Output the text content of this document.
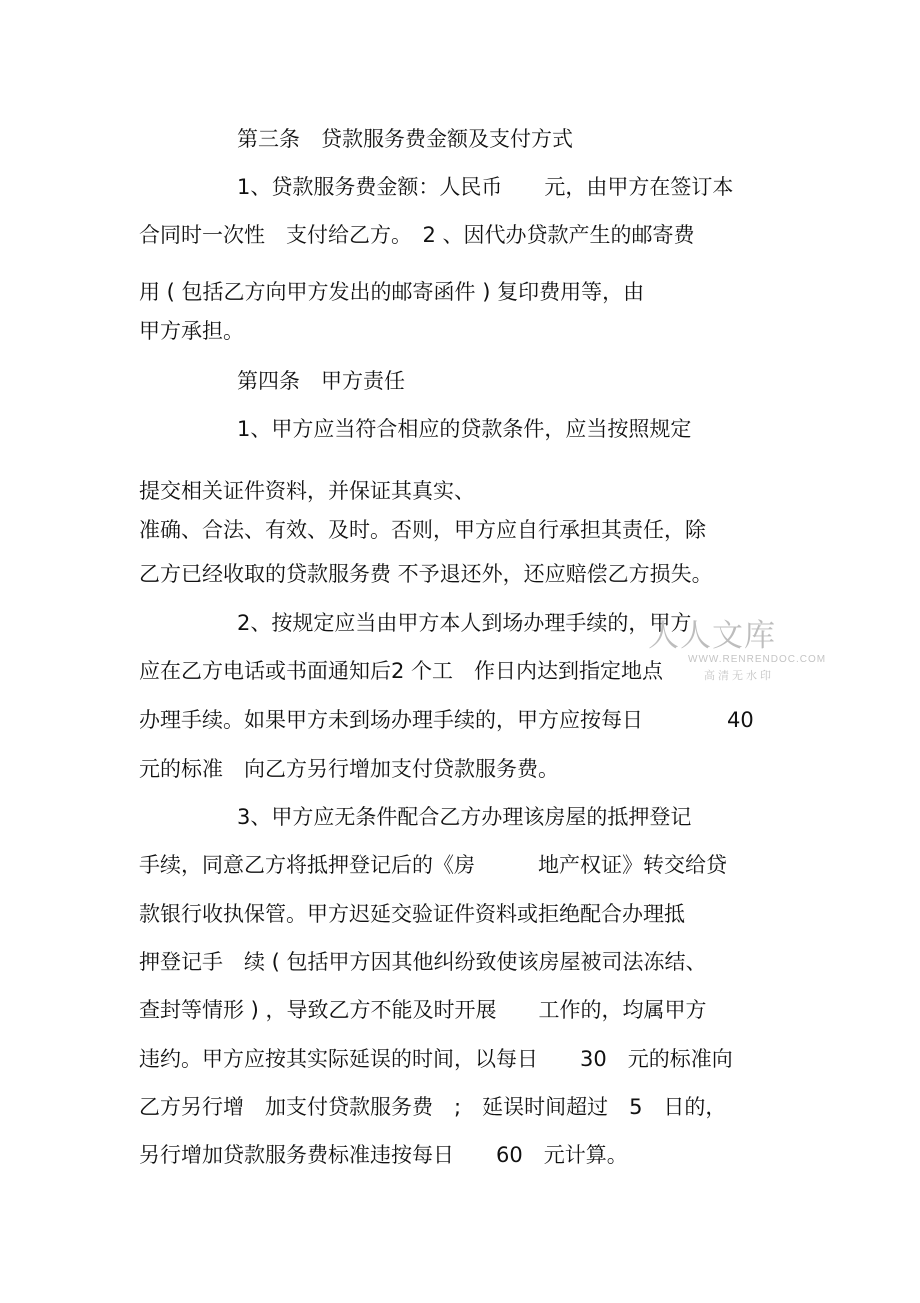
第三条　贷款服务费金额及支付方式
1、贷款服务费金额：人民币　　元，由甲方在签订本
合同时一次性　支付给乙方。　2 、因代办贷款产生的邮寄费
用 ( 包括乙方向甲方发出的邮寄函件 ) 复印费用等，由
甲方承担。
第四条　甲方责任
1、甲方应当符合相应的贷款条件，应当按照规定
提交相关证件资料，并保证其真实、
准确、合法、有效、及时。否则，甲方应自行承担其责任，除
乙方已经收取的贷款服务费 不予退还外，还应赔偿乙方损失。
2、按规定应当由甲方本人到场办理手续的，甲方
应在乙方电话或书面通知后2 个工　作日内达到指定地点
办理手续。如果甲方未到场办理手续的，甲方应按每日　　　　40
元的标准　向乙方另行增加支付贷款服务费。
3、甲方应无条件配合乙方办理该房屋的抵押登记
手续，同意乙方将抵押登记后的《房　　　地产权证》转交给贷
款银行收执保管。甲方迟延交验证件资料或拒绝配合办理抵
押登记手　续 ( 包括甲方因其他纠纷致使该房屋被司法冻结、
查封等情形 ) ，导致乙方不能及时开展　　工作的，均属甲方
违约。甲方应按其实际延误的时间，以每日　　30　元的标准向
乙方另行增　加支付贷款服务费　;　延误时间超过　5　日的，
另行增加贷款服务费标准违按每日　　60　元计算。
人人文库
WWW.RENRENDOC.COM
高清无水印
